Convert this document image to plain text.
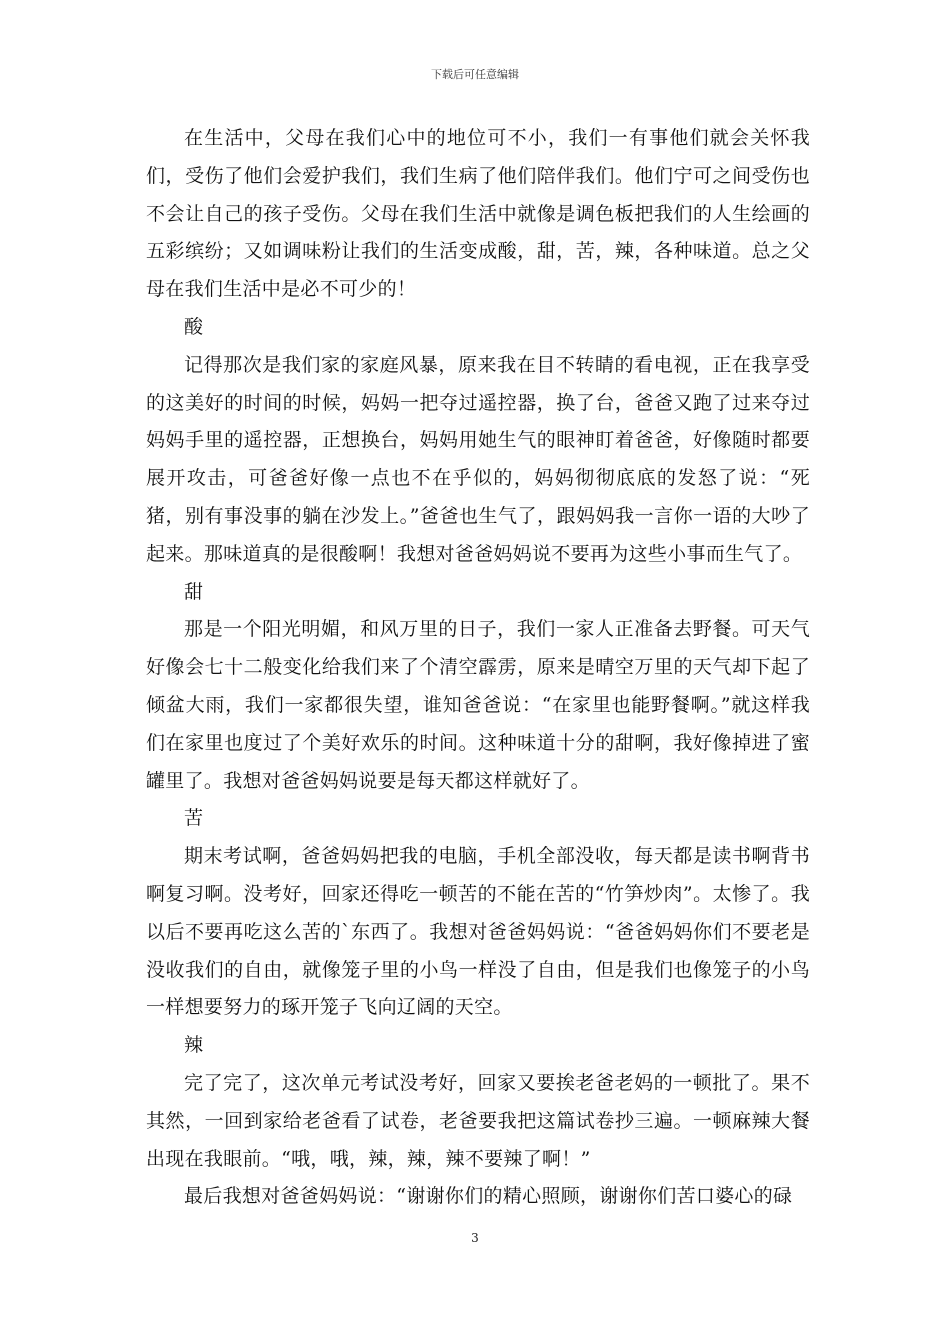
下载后可任意编辑

在生活中，父母在我们心中的地位可不小，我们一有事他们就会关怀我们，受伤了他们会爱护我们，我们生病了他们陪伴我们。他们宁可之间受伤也不会让自己的孩子受伤。父母在我们生活中就像是调色板把我们的人生绘画的五彩缤纷；又如调味粉让我们的生活变成酸，甜，苦，辣，各种味道。总之父母在我们生活中是必不可少的！

酸

记得那次是我们家的家庭风暴，原来我在目不转睛的看电视，正在我享受的这美好的时间的时候，妈妈一把夺过遥控器，换了台，爸爸又跑了过来夺过妈妈手里的遥控器，正想换台，妈妈用她生气的眼神盯着爸爸，好像随时都要展开攻击，可爸爸好像一点也不在乎似的，妈妈彻彻底底的发怒了说：“死猪，别有事没事的躺在沙发上。”爸爸也生气了，跟妈妈我一言你一语的大吵了起来。那味道真的是很酸啊！我想对爸爸妈妈说不要再为这些小事而生气了。

甜

那是一个阳光明媚，和风万里的日子，我们一家人正准备去野餐。可天气好像会七十二般变化给我们来了个清空霹雳，原来是晴空万里的天气却下起了倾盆大雨，我们一家都很失望，谁知爸爸说：“在家里也能野餐啊。”就这样我们在家里也度过了个美好欢乐的时间。这种味道十分的甜啊，我好像掉进了蜜罐里了。我想对爸爸妈妈说要是每天都这样就好了。

苦

期末考试啊，爸爸妈妈把我的电脑，手机全部没收，每天都是读书啊背书啊复习啊。没考好，回家还得吃一顿苦的不能在苦的“竹笋炒肉”。太惨了。我以后不要再吃这么苦的`东西了。我想对爸爸妈妈说：“爸爸妈妈你们不要老是没收我们的自由，就像笼子里的小鸟一样没了自由，但是我们也像笼子的小鸟一样想要努力的琢开笼子飞向辽阔的天空。

辣

完了完了，这次单元考试没考好，回家又要挨老爸老妈的一顿批了。果不其然，一回到家给老爸看了试卷，老爸要我把这篇试卷抄三遍。一顿麻辣大餐出现在我眼前。“哦，哦，辣，辣，辣不要辣了啊！”

最后我想对爸爸妈妈说：“谢谢你们的精心照顾，谢谢你们苦口婆心的碌

3
